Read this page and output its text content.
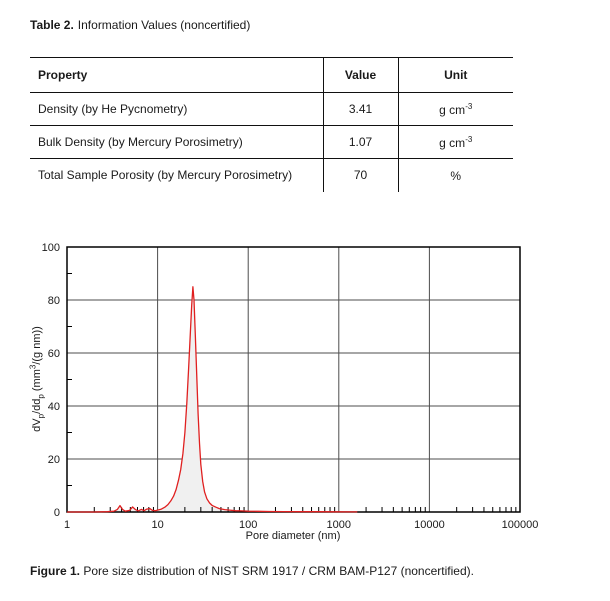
Table 2. Information Values (noncertified)
Property	Value	Unit
Density (by He Pycnometry)	3.41	g $cm^{-3}$
Bulk Density (by Mercury Porosimetry)	1.07	g $cm^{-3}$
Total Sample Porosity (by Mercury Porosimetry)	70	%
0
20
40
60
80
100
1	10	100	1000	10000	100000
$dV_p/dd_p$ ($mm^3/(g$ nm))
Pore diameter (nm)
Figure 1. Pore size distribution of NIST SRM 1917 / CRM BAM-P127 (noncertified).
